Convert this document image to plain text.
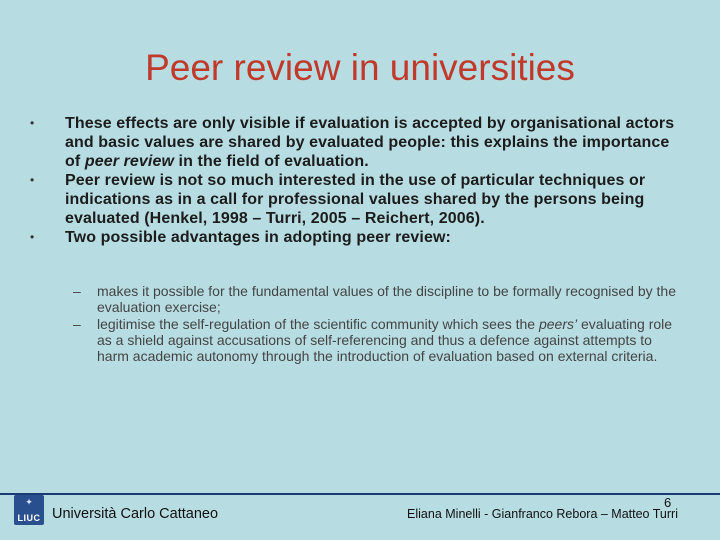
Peer review in universities
• These effects are only visible if evaluation is accepted by organisational actors and basic values are shared by evaluated people: this explains the importance of peer review in the field of evaluation.
• Peer review is not so much interested in the use of particular techniques or indications as in a call for professional values shared by the persons being evaluated (Henkel, 1998 – Turri, 2005 – Reichert, 2006).
• Two possible advantages in adopting peer review:
– makes it possible for the fundamental values of the discipline to be formally recognised by the evaluation exercise;
– legitimise the self-regulation of the scientific community which sees the peers’ evaluating role as a shield against accusations of self-referencing and thus a defence against attempts to harm academic autonomy through the introduction of evaluation based on external criteria.
✦
LIUC Università Carlo Cattaneo	Eliana Minelli - Gianfranco Rebora – Matteo Turri
6
